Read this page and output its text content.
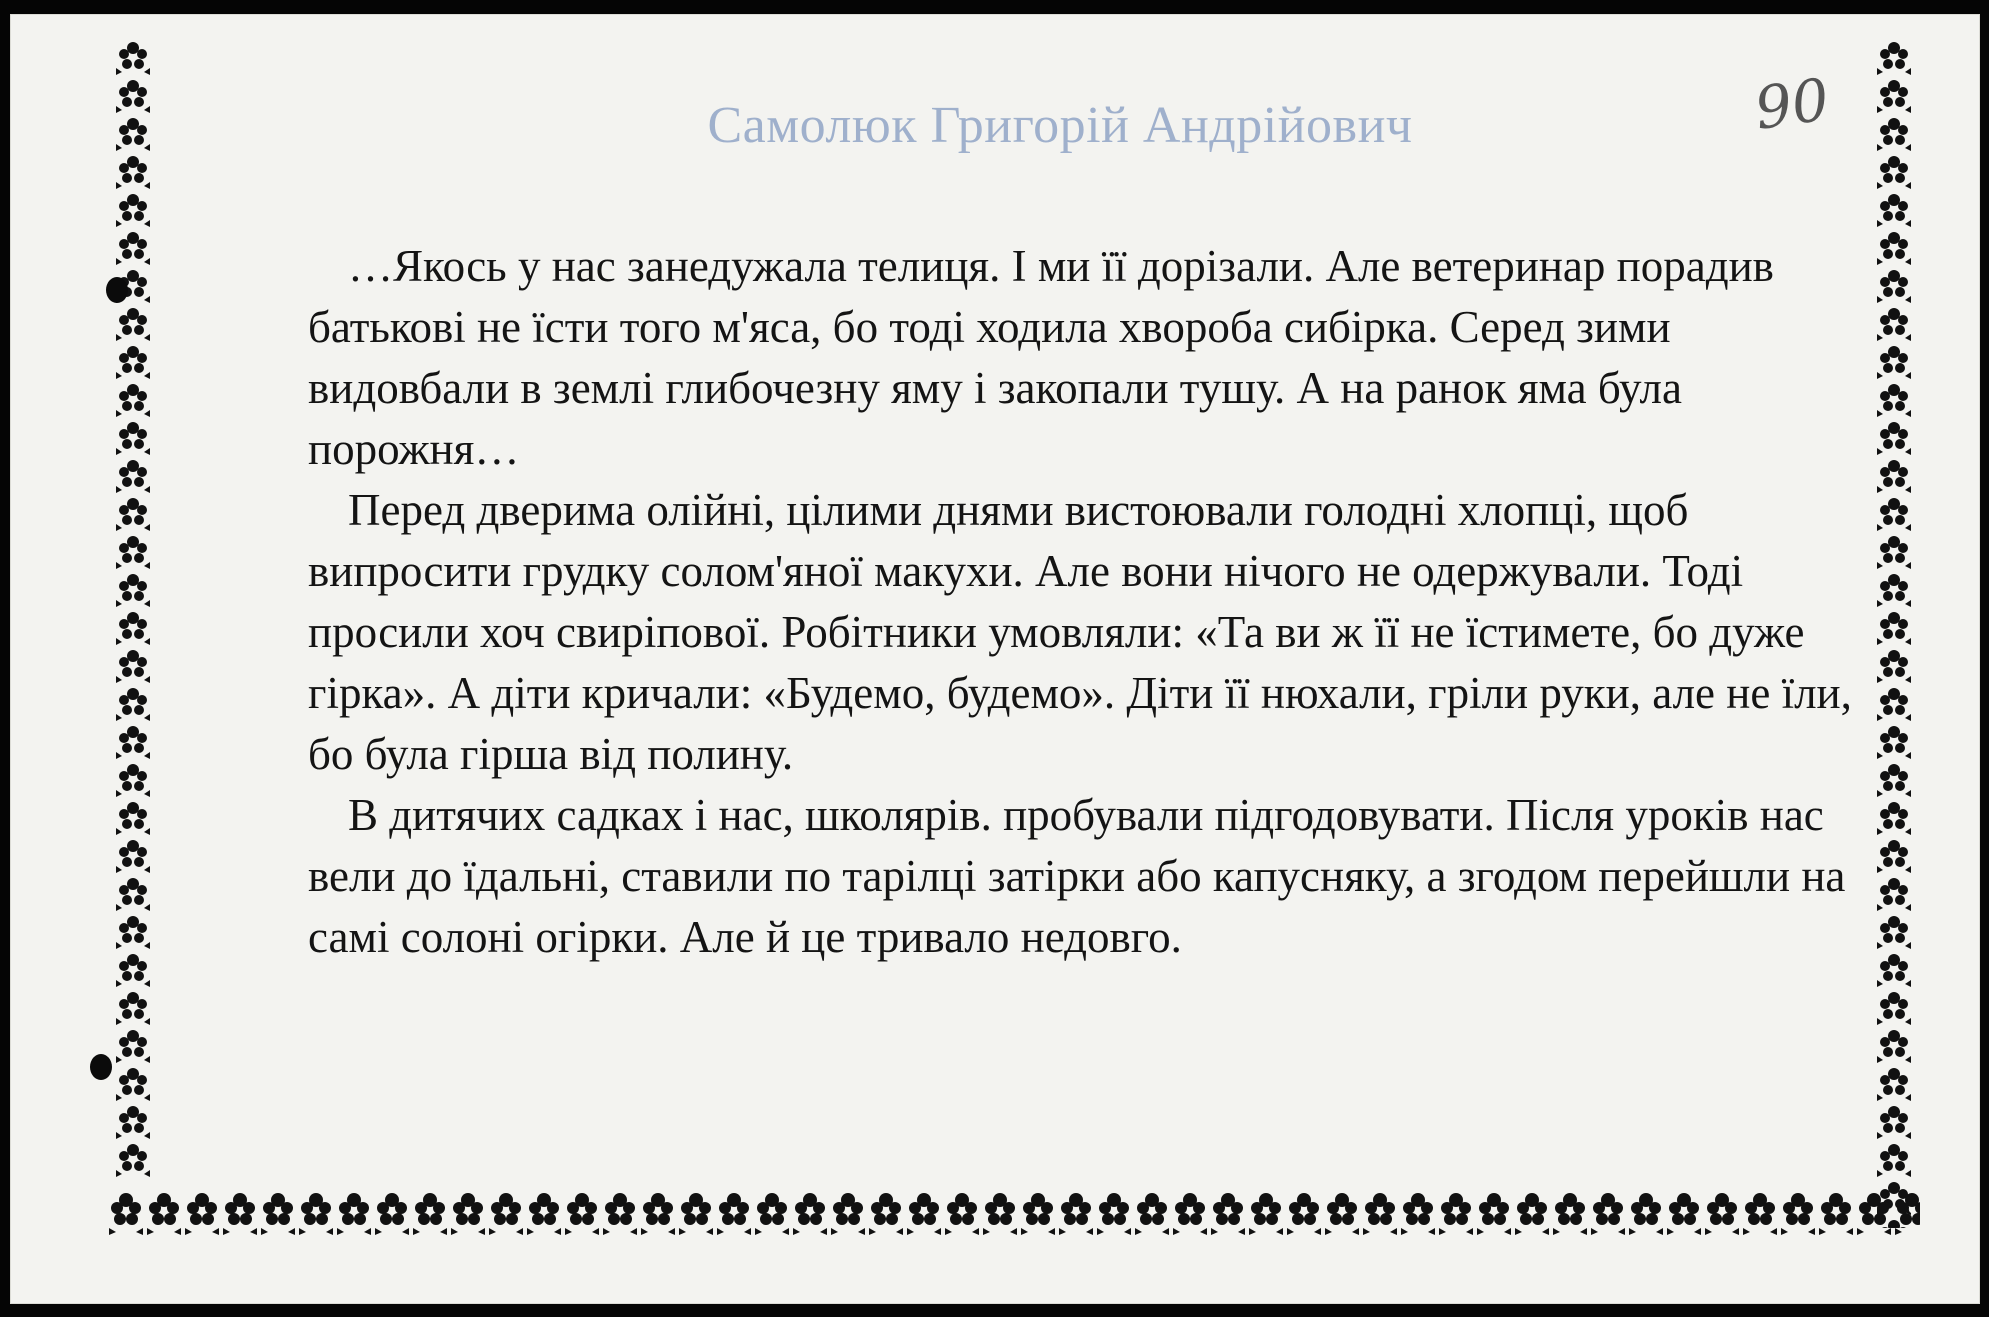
Самолюк Григорій Андрійович	90

…Якось у нас занедужала телиця. І ми її дорізали. Але ветеринар порадив батькові не їсти того м'яса, бо тоді ходила хвороба сибірка. Серед зими видовбали в землі глибочезну яму і закопали тушу. А на ранок яма була порожня…

Перед дверима олійні, цілими днями вистоювали голодні хлопці, щоб випросити грудку солом'яної макухи. Але вони нічого не одержували. Тоді просили хоч свиріпової. Робітники умовляли: «Та ви ж її не їстимете, бо дуже гірка». А діти кричали: «Будемо, будемо». Діти її нюхали, гріли руки, але не їли, бо була гірша від полину.

В дитячих садках і нас, школярів. пробували підгодовувати. Після уроків нас вели до їдальні, ставили по тарілці затірки або капусняку, а згодом перейшли на самі солоні огірки. Але й це тривало недовго.
